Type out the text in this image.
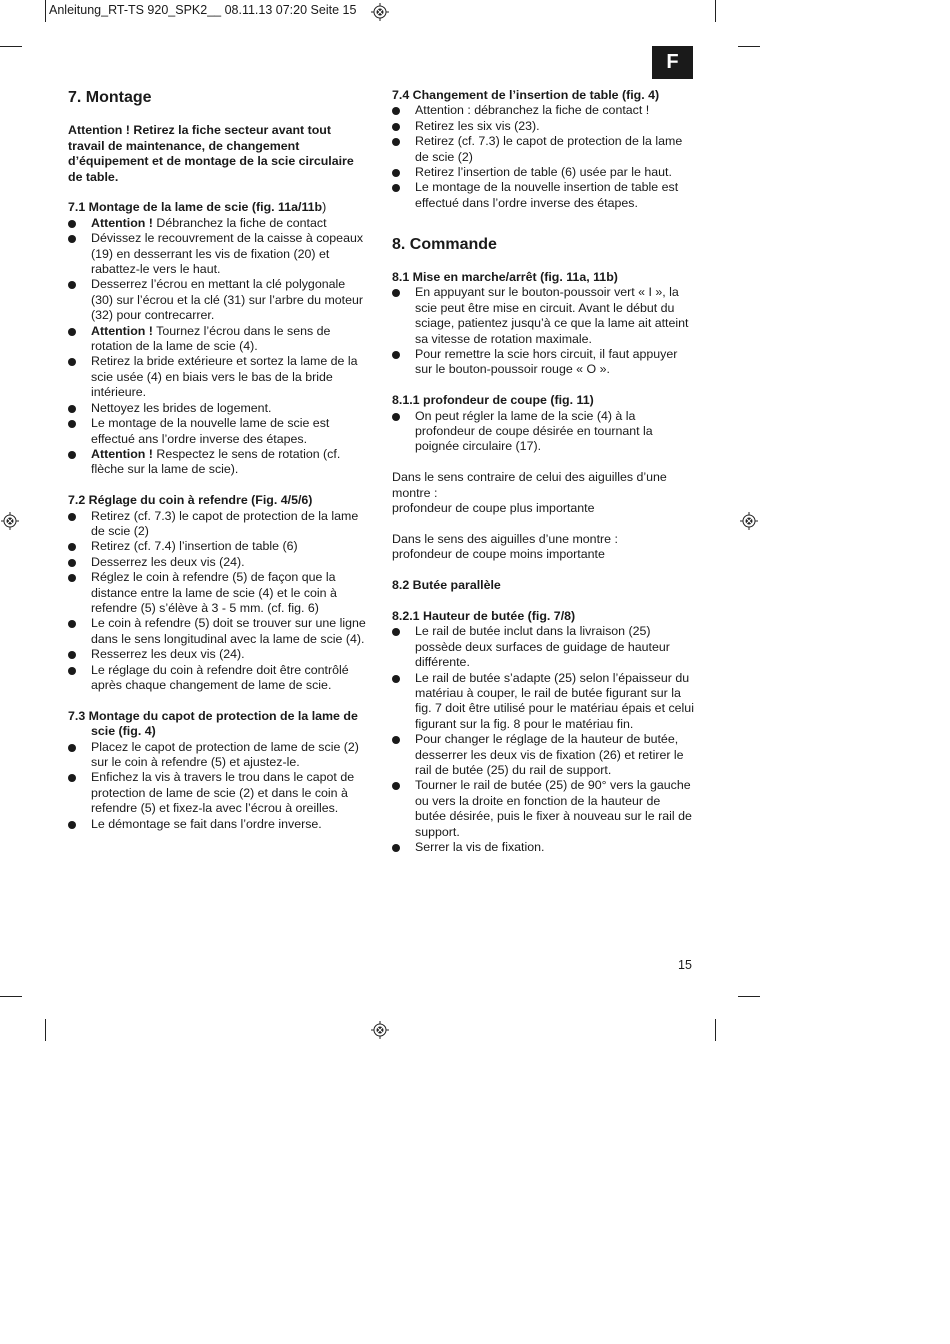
Anleitung_RT-TS 920_SPK2__ 08.11.13 07:20 Seite 15
F
7. Montage

Attention ! Retirez la fiche secteur avant tout travail de maintenance, de changement d’équipement et de montage de la scie circulaire de table.

7.1 Montage de la lame de scie (fig. 11a/11b)
Attention ! Débranchez la fiche de contact
Dévissez le recouvrement de la caisse à copeaux (19) en desserrant les vis de fixation (20) et rabattez-le vers le haut.
Desserrez l’écrou en mettant la clé polygonale (30) sur l’écrou et la clé (31) sur l’arbre du moteur (32) pour contrecarrer.
Attention ! Tournez l’écrou dans le sens de rotation de la lame de scie (4).
Retirez la bride extérieure et sortez la lame de la scie usée (4) en biais vers le bas de la bride intérieure.
Nettoyez les brides de logement.
Le montage de la nouvelle lame de scie est effectué ans l’ordre inverse des étapes.
Attention ! Respectez le sens de rotation (cf. flèche sur la lame de scie).
7.2 Réglage du coin à refendre (Fig. 4/5/6)
Retirez (cf. 7.3) le capot de protection de la lame de scie (2)
Retirez (cf. 7.4) l’insertion de table (6)
Desserrez les deux vis (24).
Réglez le coin à refendre (5) de façon que la distance entre la lame de scie (4) et le coin à refendre (5) s’élève à 3 - 5 mm. (cf. fig. 6)
Le coin à refendre (5) doit se trouver sur une ligne dans le sens longitudinal avec la lame de scie (4).
Resserrez les deux vis (24).
Le réglage du coin à refendre doit être contrôlé après chaque changement de lame de scie.
7.3 Montage du capot de protection de la lame de scie (fig. 4)
Placez le capot de protection de lame de scie (2) sur le coin à refendre (5) et ajustez-le.
Enfichez la vis à travers le trou dans le capot de protection de lame de scie (2) et dans le coin à refendre (5) et fixez-la avec l’écrou à oreilles.
Le démontage se fait dans l’ordre inverse.
7.4 Changement de l’insertion de table (fig. 4)
Attention : débranchez la fiche de contact !
Retirez les six vis (23).
Retirez (cf. 7.3) le capot de protection de la lame de scie (2)
Retirez l’insertion de table (6) usée par le haut.
Le montage de la nouvelle insertion de table est effectué dans l’ordre inverse des étapes.
8. Commande
8.1 Mise en marche/arrêt (fig. 11a, 11b)
En appuyant sur le bouton-poussoir vert « I », la scie peut être mise en circuit. Avant le début du sciage, patientez jusqu’à ce que la lame ait atteint sa vitesse de rotation maximale.
Pour remettre la scie hors circuit, il faut appuyer sur le bouton-poussoir rouge « O ».
8.1.1 profondeur de coupe (fig. 11)
On peut régler la lame de la scie (4) à la profondeur de coupe désirée en tournant la poignée circulaire (17).

Dans le sens contraire de celui des aiguilles d’une montre :

profondeur de coupe plus importante

Dans le sens des aiguilles d’une montre :

profondeur de coupe moins importante

8.2 Butée parallèle
8.2.1 Hauteur de butée (fig. 7/8)
Le rail de butée inclut dans la livraison (25) possède deux surfaces de guidage de hauteur différente.
Le rail de butée s’adapte (25) selon l’épaisseur du matériau à couper, le rail de butée figurant sur la fig. 7 doit être utilisé pour le matériau épais et celui figurant sur la fig. 8 pour le matériau fin.
Pour changer le réglage de la hauteur de butée, desserrer les deux vis de fixation (26) et retirer le rail de butée (25) du rail de support.
Tourner le rail de butée (25) de 90° vers la gauche ou vers la droite en fonction de la hauteur de butée désirée, puis le fixer à nouveau sur le rail de support.
Serrer la vis de fixation.
15
